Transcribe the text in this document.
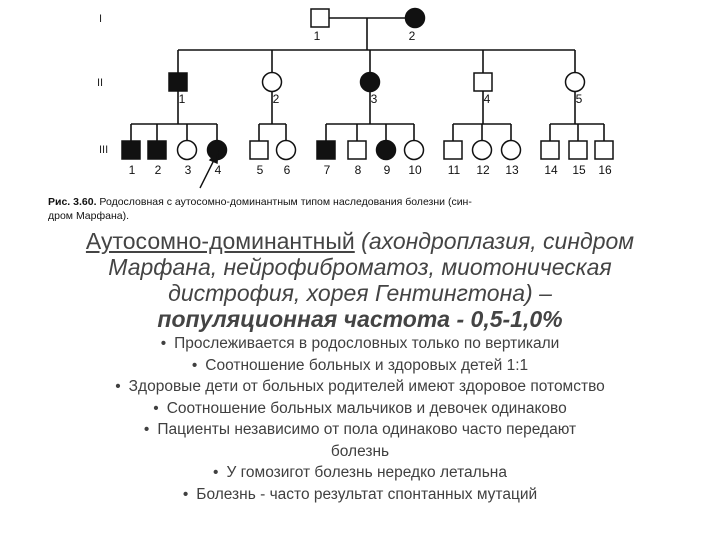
I
II
III
1	2
1	2	3	4	5
1 2 3 4	5 6	7 8 9 10 11 12 13 14 15 16
Рис. 3.60. Родословная с аутосомно-доминантным типом наследования болезни (син-
дром Марфана).
Аутосомно-доминантный (ахондроплазия, синдром
Марфана, нейрофиброматоз, миотоническая
дистрофия, хорея Гентингтона) –
популяционная частота - 0,5-1,0%
• Прослеживается в родословных только по вертикали
• Соотношение больных и здоровых детей 1:1
• Здоровые дети от больных родителей имеют здоровое потомство
• Соотношение больных мальчиков и девочек одинаково
• Пациенты независимо от пола одинаково часто передают
болезнь
• У гомозигот болезнь нередко летальна
• Болезнь - часто результат спонтанных мутаций
